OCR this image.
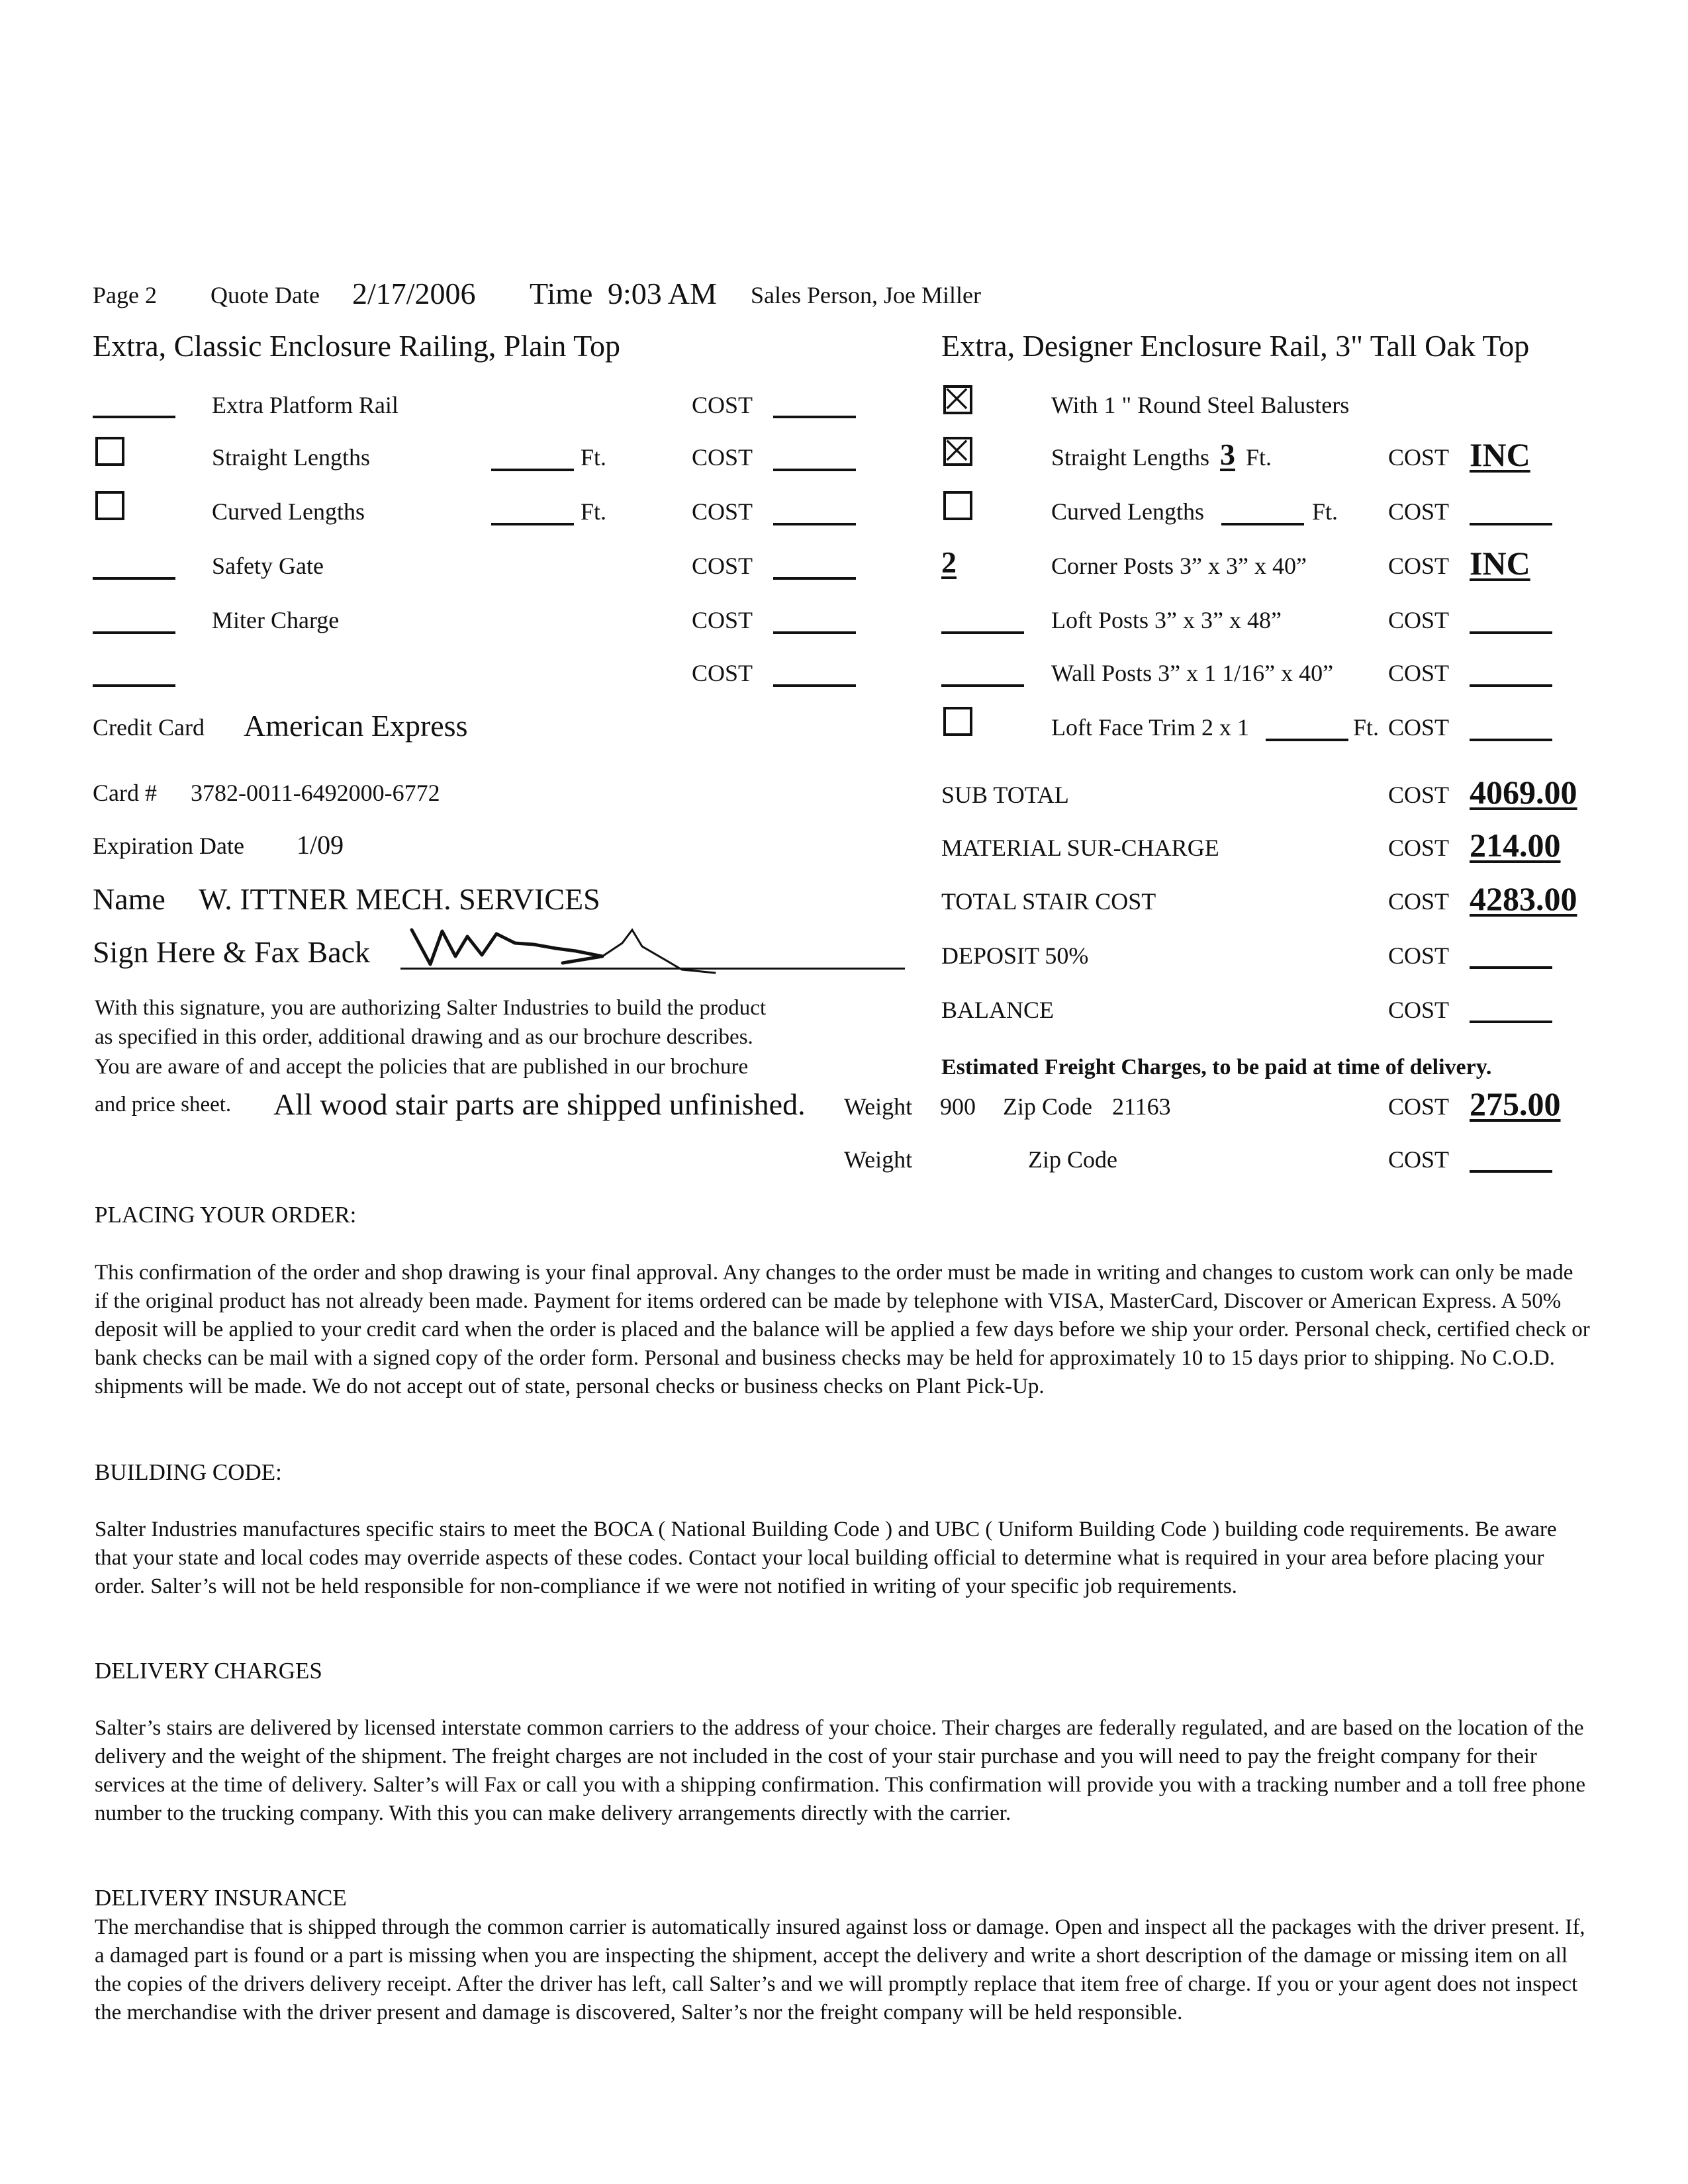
Page 2 Quote Date 2/17/2006 Time 9:03 AM Sales Person, Joe Miller
Extra, Classic Enclosure Railing, Plain Top	Extra, Designer Enclosure Rail, 3" Tall Oak Top
Extra Platform Rail	COST
Straight Lengths	Ft.	COST
Curved Lengths	Ft.	COST
Safety Gate	COST
Miter Charge	COST
COST
With 1 " Round Steel Balusters
Straight Lengths 3 Ft.	COST INC
Curved Lengths	Ft. COST
2	Corner Posts 3” x 3” x 40”	COST INC
Loft Posts 3” x 3” x 48”	COST
Wall Posts 3” x 1 1/16” x 40” COST
Loft Face Trim 2 x 1	Ft. COST
Credit Card American Express
Card # 3782-0011-6492000-6772
Expiration Date 1/09
Name W. ITTNER MECH. SERVICES
Sign Here & Fax Back
SUB TOTAL	COST 4069.00
MATERIAL SUR-CHARGE	COST 214.00
TOTAL STAIR COST	COST 4283.00
DEPOSIT 50%	COST
BALANCE	COST
With this signature, you are authorizing Salter Industries to build the product
as specified in this order, additional drawing and as our brochure describes.
You are aware of and accept the policies that are published in our brochure
and price sheet. All wood stair parts are shipped unfinished.
Estimated Freight Charges, to be paid at time of delivery.
Weight 900 Zip Code 21163	COST 275.00
Weight	Zip Code	COST
PLACING YOUR ORDER:
This confirmation of the order and shop drawing is your final approval. Any changes to the order must be made in writing and changes to custom work can only be made if the original product has not already been made. Payment for items ordered can be made by telephone with VISA, MasterCard, Discover or American Express. A 50% deposit will be applied to your credit card when the order is placed and the balance will be applied a few days before we ship your order. Personal check, certified check or bank checks can be mail with a signed copy of the order form. Personal and business checks may be held for approximately 10 to 15 days prior to shipping. No C.O.D. shipments will be made. We do not accept out of state, personal checks or business checks on Plant Pick-Up.
BUILDING CODE:
Salter Industries manufactures specific stairs to meet the BOCA ( National Building Code ) and UBC ( Uniform Building Code ) building code requirements. Be aware that your state and local codes may override aspects of these codes. Contact your local building official to determine what is required in your area before placing your order. Salter’s will not be held responsible for non-compliance if we were not notified in writing of your specific job requirements.
DELIVERY CHARGES
Salter’s stairs are delivered by licensed interstate common carriers to the address of your choice. Their charges are federally regulated, and are based on the location of the delivery and the weight of the shipment. The freight charges are not included in the cost of your stair purchase and you will need to pay the freight company for their services at the time of delivery. Salter’s will Fax or call you with a shipping confirmation. This confirmation will provide you with a tracking number and a toll free phone number to the trucking company. With this you can make delivery arrangements directly with the carrier.
DELIVERY INSURANCE
The merchandise that is shipped through the common carrier is automatically insured against loss or damage. Open and inspect all the packages with the driver present. If, a damaged part is found or a part is missing when you are inspecting the shipment, accept the delivery and write a short description of the damage or missing item on all the copies of the drivers delivery receipt. After the driver has left, call Salter’s and we will promptly replace that item free of charge. If you or your agent does not inspect the merchandise with the driver present and damage is discovered, Salter’s nor the freight company will be held responsible.
